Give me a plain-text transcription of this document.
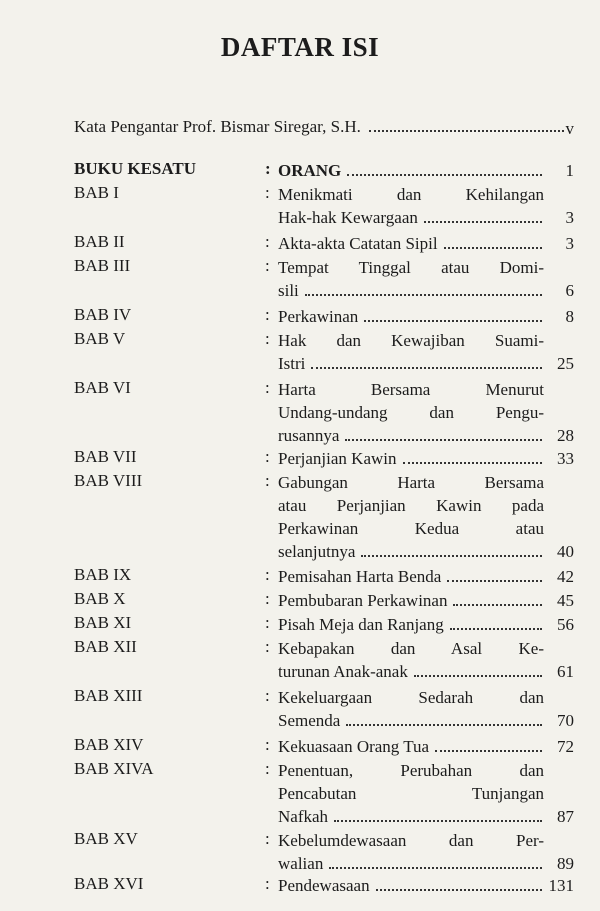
DAFTAR ISI
Kata Pengantar Prof. Bismar Siregar, S.H.	v
BUKU KESATU	: ORANG	1
BAB I	: Menikmati dan Kehilangan
Hak-hak Kewargaan	3
BAB II	: Akta-akta Catatan Sipil	3
BAB III	: Tempat Tinggal atau Domi-
sili	6
BAB IV	: Perkawinan	8
BAB V	: Hak dan Kewajiban Suami-
Istri	25
BAB VI	: Harta Bersama Menurut
Undang-undang dan Pengu-
rusannya	28
BAB VII	: Perjanjian Kawin	33
BAB VIII	: Gabungan Harta Bersama
atau Perjanjian Kawin pada
Perkawinan Kedua atau
selanjutnya	40
BAB IX	: Pemisahan Harta Benda	42
BAB X	: Pembubaran Perkawinan	45
BAB XI	: Pisah Meja dan Ranjang	56
BAB XII	: Kebapakan dan Asal Ke-
turunan Anak-anak	61
BAB XIII	: Kekeluargaan Sedarah dan
Semenda	70
BAB XIV	: Kekuasaan Orang Tua	72
BAB XIVA	: Penentuan, Perubahan dan
Pencabutan Tunjangan
Nafkah	87
BAB XV	: Kebelumdewasaan dan Per-
walian	89
BAB XVI	: Pendewasaan	131
